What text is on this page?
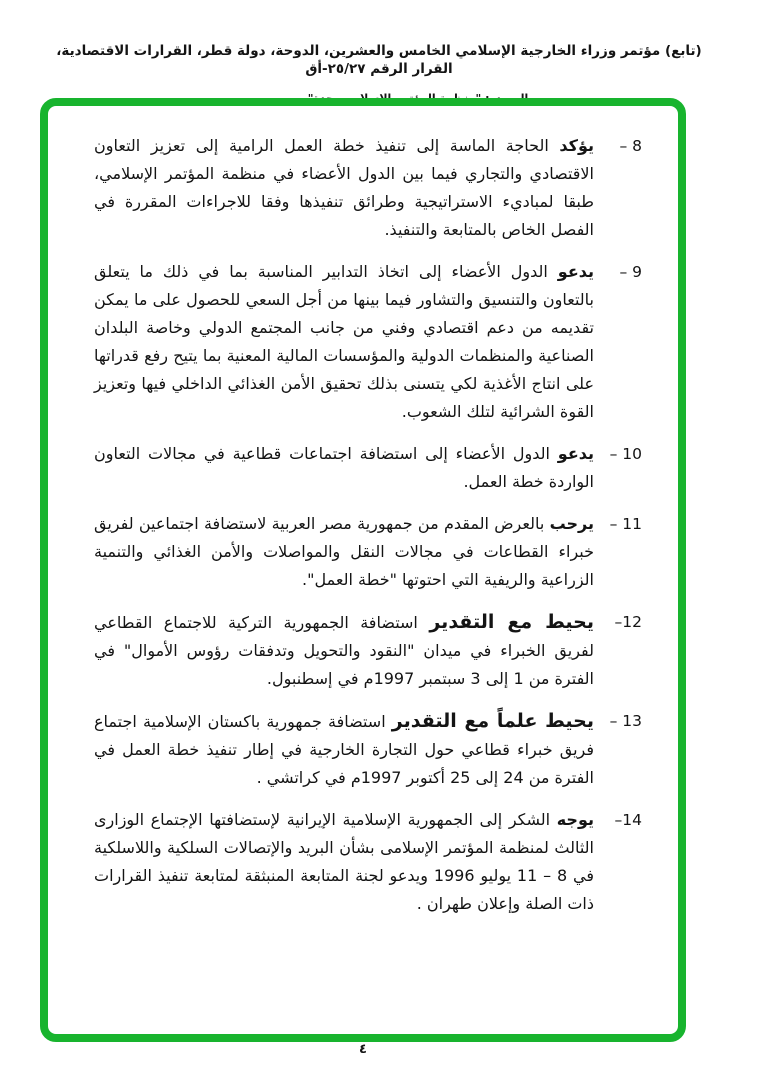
(تابع) مؤتمر وزراء الخارجية الإسلامي الخامس والعشرين، الدوحة، دولة قطر، القرارات الاقتصادية، القرار الرقم ٢٥/٢٧-أق
المصدر: "منظمة المؤتمر الإسلامي، جدة"
8 –
يؤكد الحاجة الماسة إلى تنفيذ خطة العمل الرامية إلى تعزيز التعاون الاقتصادي والتجاري فيما بين الدول الأعضاء في منظمة المؤتمر الإسلامي، طبقا لمباديء الاستراتيجية وطرائق تنفيذها وفقا للاجراءات المقررة في الفصل الخاص بالمتابعة والتنفيذ.
9 –
يدعو الدول الأعضاء إلى اتخاذ التدابير المناسبة بما في ذلك ما يتعلق بالتعاون والتنسيق والتشاور فيما بينها من أجل السعي للحصول على ما يمكن تقديمه من دعم اقتصادي وفني من جانب المجتمع الدولي وخاصة البلدان الصناعية والمنظمات الدولية والمؤسسات المالية المعنية بما يتيح رفع قدراتها على انتاج الأغذية لكي يتسنى بذلك تحقيق الأمن الغذائي الداخلي فيها وتعزيز القوة الشرائية لتلك الشعوب.
10 –
يدعو الدول الأعضاء إلى استضافة اجتماعات قطاعية في مجالات التعاون الواردة خطة العمل.
11 –
يرحب بالعرض المقدم من جمهورية مصر العربية لاستضافة اجتماعين لفريق خبراء القطاعات في مجالات النقل والمواصلات والأمن الغذائي والتنمية الزراعية والريفية التي احتوتها "خطة العمل".
12–
يحيط مع التقدير استضافة الجمهورية التركية للاجتماع القطاعي لفريق الخبراء في ميدان "النقود والتحويل وتدفقات رؤوس الأموال" في الفترة من 1 إلى 3 سبتمبر 1997م في إسطنبول.
13 –
يحيط علماً مع التقدير استضافة جمهورية باكستان الإسلامية اجتماع فريق خبراء قطاعي حول التجارة الخارجية في إطار تنفيذ خطة العمل في الفترة من 24 إلى 25 أكتوبر 1997م في كراتشي .
14–
يوجه الشكر إلى الجمهورية الإسلامية الإيرانية لإستضافتها الإجتماع الوزارى الثالث لمنظمة المؤتمر الإسلامى بشأن البريد والإتصالات السلكية واللاسلكية في 8 – 11 يوليو 1996 ويدعو لجنة المتابعة المنبثقة لمتابعة تنفيذ القرارات ذات الصلة وإعلان طهران .
٤
